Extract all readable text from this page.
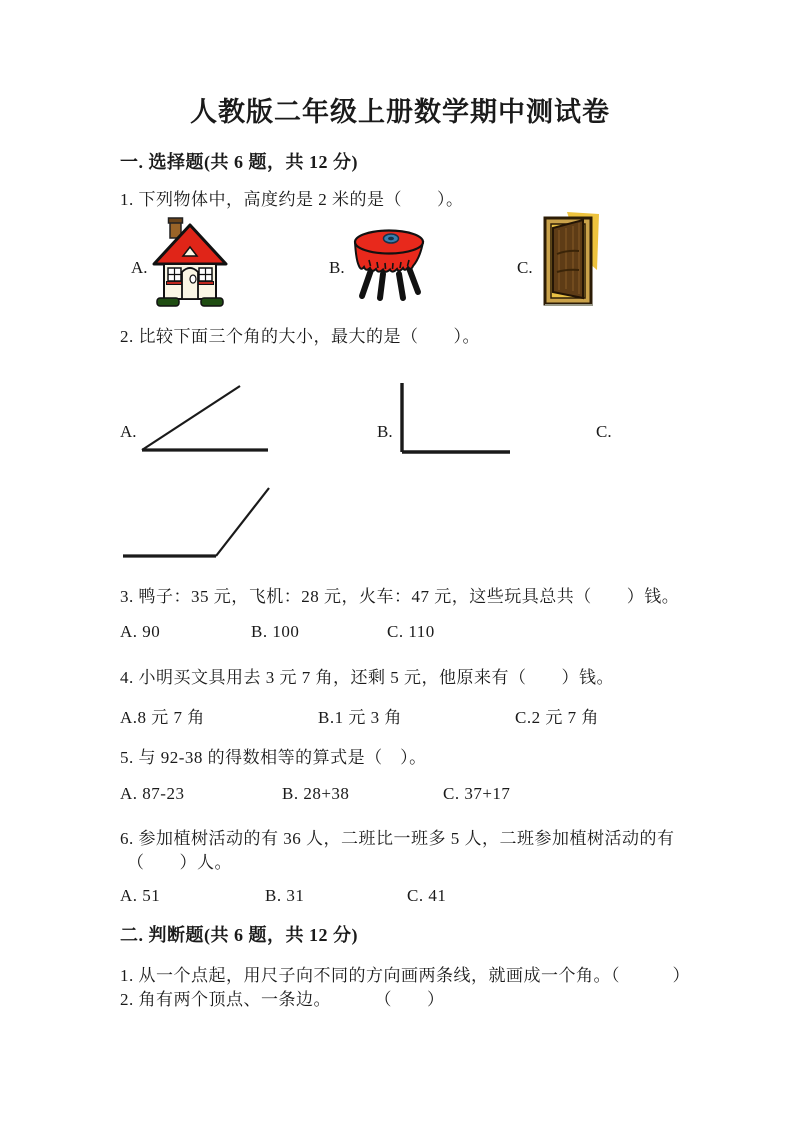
人教版二年级上册数学期中测试卷
一. 选择题(共 6 题，共 12 分)
1. 下列物体中，高度约是 2 米的是（　　）。
A.	B.	C.
2. 比较下面三个角的大小，最大的是（　　）。
A.	B.	C.
3. 鸭子：35 元，飞机：28 元，火车：47 元，这些玩具总共（　　）钱。
A. 90	B. 100	C. 110
4. 小明买文具用去 3 元 7 角，还剩 5 元，他原来有（　　）钱。
A.8 元 7 角	B.1 元 3 角	C.2 元 7 角
5. 与 92-38 的得数相等的算式是（　）。
A. 87-23	B. 28+38	C. 37+17
6. 参加植树活动的有 36 人，二班比一班多 5 人，二班参加植树活动的有
（　　）人。
A. 51	B. 31	C. 41
二. 判断题(共 6 题，共 12 分)
1. 从一个点起，用尺子向不同的方向画两条线，就画成一个角。（　　　）
2. 角有两个顶点、一条边。	（　　）
